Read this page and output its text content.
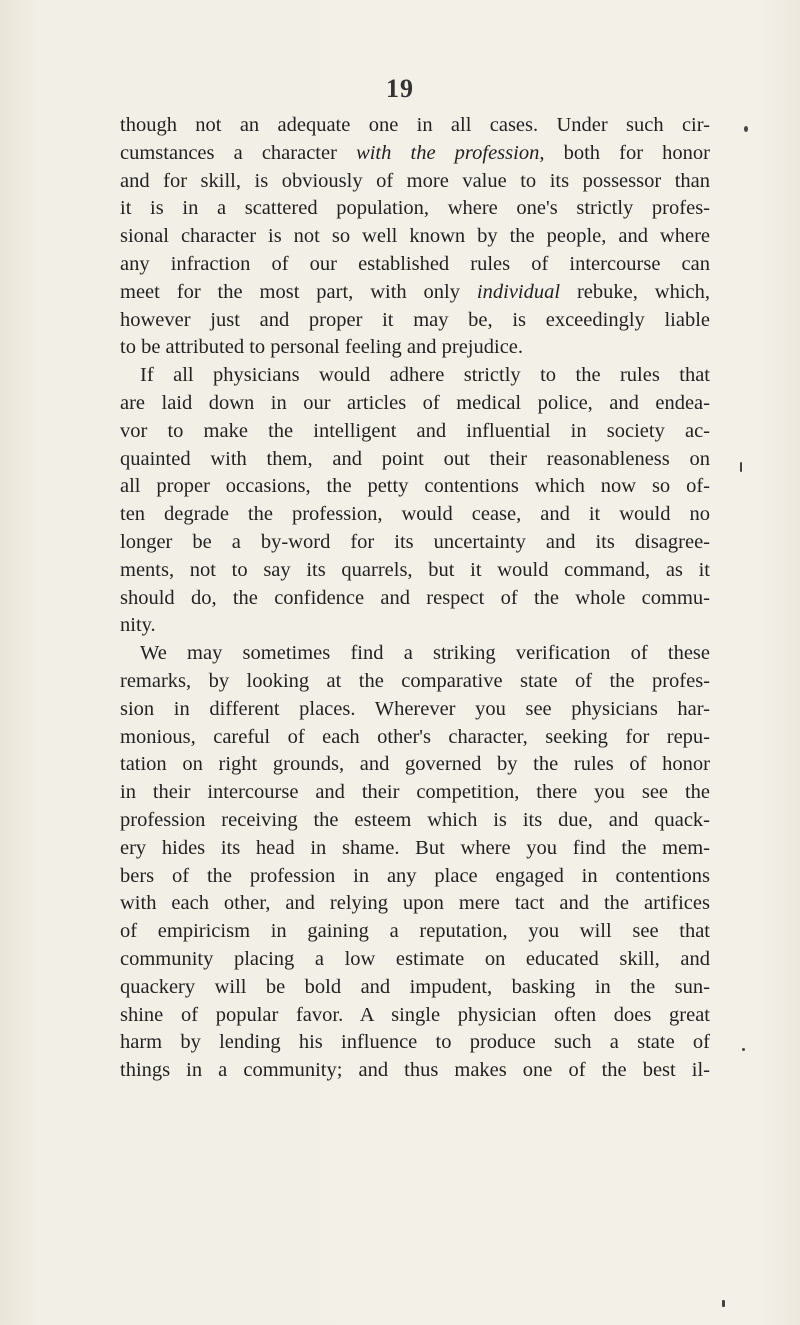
19
though not an adequate one in all cases. Under such cir-
cumstances a character with the profession, both for honor
and for skill, is obviously of more value to its possessor than
it is in a scattered population, where one's strictly profes-
sional character is not so well known by the people, and where
any infraction of our established rules of intercourse can
meet for the most part, with only individual rebuke, which,
however just and proper it may be, is exceedingly liable
to be attributed to personal feeling and prejudice.
If all physicians would adhere strictly to the rules that
are laid down in our articles of medical police, and endea-
vor to make the intelligent and influential in society ac-
quainted with them, and point out their reasonableness on
all proper occasions, the petty contentions which now so of-
ten degrade the profession, would cease, and it would no
longer be a by-word for its uncertainty and its disagree-
ments, not to say its quarrels, but it would command, as it
should do, the confidence and respect of the whole commu-
nity.
We may sometimes find a striking verification of these
remarks, by looking at the comparative state of the profes-
sion in different places. Wherever you see physicians har-
monious, careful of each other's character, seeking for repu-
tation on right grounds, and governed by the rules of honor
in their intercourse and their competition, there you see the
profession receiving the esteem which is its due, and quack-
ery hides its head in shame. But where you find the mem-
bers of the profession in any place engaged in contentions
with each other, and relying upon mere tact and the artifices
of empiricism in gaining a reputation, you will see that
community placing a low estimate on educated skill, and
quackery will be bold and impudent, basking in the sun-
shine of popular favor. A single physician often does great
harm by lending his influence to produce such a state of
things in a community; and thus makes one of the best il-
